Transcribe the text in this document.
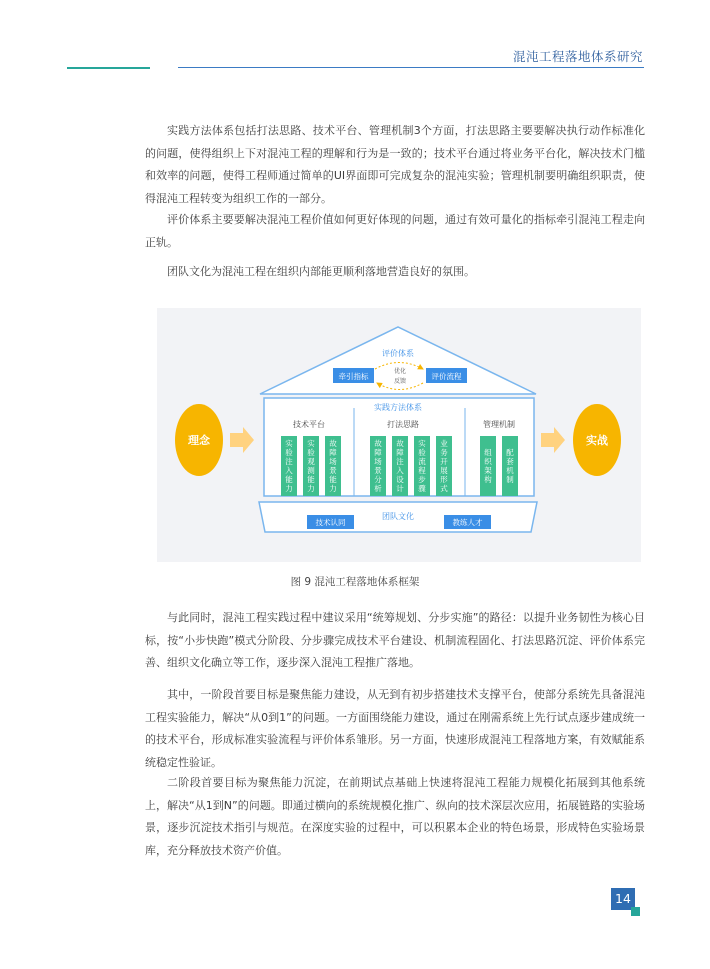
混沌工程落地体系研究

实践方法体系包括打法思路、技术平台、管理机制3个方面，打法思路主要要解决执行动作标准化的问题，使得组织上下对混沌工程的理解和行为是一致的；技术平台通过将业务平台化，解决技术门槛和效率的问题，使得工程师通过简单的UI界面即可完成复杂的混沌实验；管理机制要明确组织职责，使得混沌工程转变为组织工作的一部分。

评价体系主要要解决混沌工程价值如何更好体现的问题，通过有效可量化的指标牵引混沌工程走向正轨。

团队文化为混沌工程在组织内部能更顺利落地营造良好的氛围。

理念	实战
评价体系
牵引指标	评价流程
优化
反馈
实践方法体系
技术平台	打法思路	管理机制
实验注入能力
实验观测能力
故障场景能力
故障场景分析
故障注入设计
实验流程步骤
业务开展形式
组织架构
配套机制
团队文化
技术认同	教练人才
图 9 混沌工程落地体系框架

与此同时，混沌工程实践过程中建议采用“统筹规划、分步实施”的路径：以提升业务韧性为核心目标，按“小步快跑”模式分阶段、分步骤完成技术平台建设、机制流程固化、打法思路沉淀、评价体系完善、组织文化确立等工作，逐步深入混沌工程推广落地。

其中，一阶段首要目标是聚焦能力建设，从无到有初步搭建技术支撑平台，使部分系统先具备混沌工程实验能力，解决“从0到1”的问题。一方面围绕能力建设，通过在刚需系统上先行试点逐步建成统一的技术平台，形成标准实验流程与评价体系雏形。另一方面，快速形成混沌工程落地方案，有效赋能系统稳定性验证。

二阶段首要目标为聚焦能力沉淀，在前期试点基础上快速将混沌工程能力规模化拓展到其他系统上，解决“从1到N”的问题。即通过横向的系统规模化推广、纵向的技术深层次应用，拓展链路的实验场景，逐步沉淀技术指引与规范。在深度实验的过程中，可以积累本企业的特色场景，形成特色实验场景库，充分释放技术资产价值。

14
